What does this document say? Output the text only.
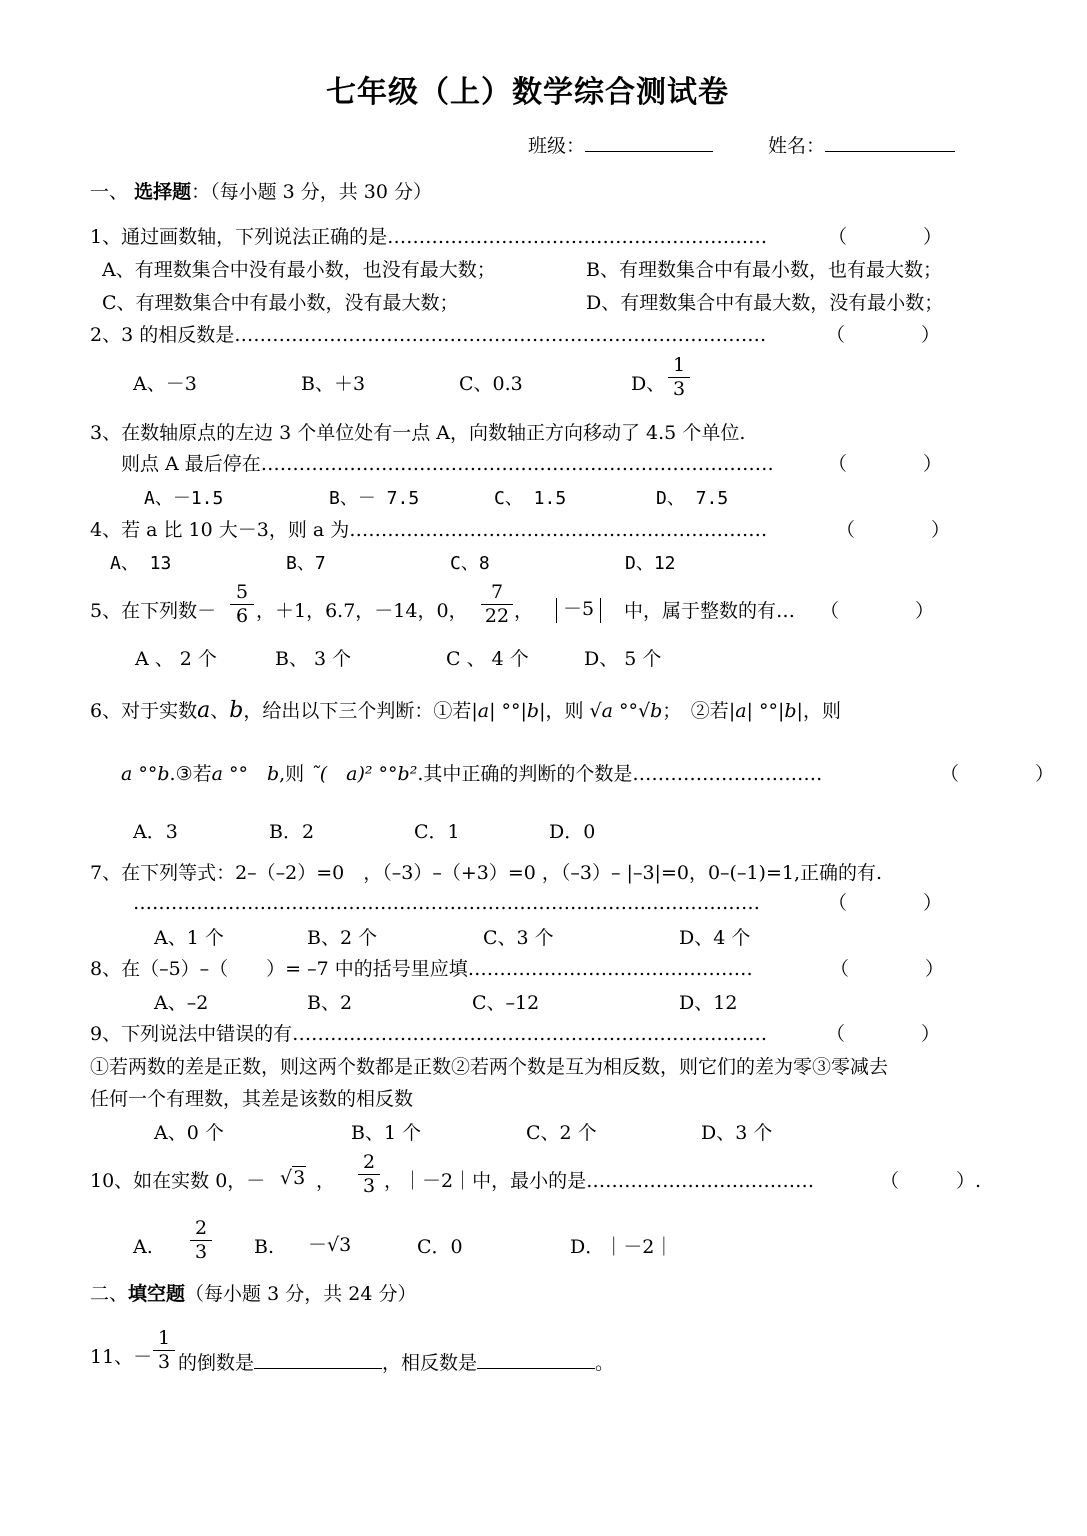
七年级（上）数学综合测试卷
班级：	姓名：
一、 选择题：（每小题 3 分，共 30 分）
1、通过画数轴，下列说法正确的是……………………………………………………	（　　　　）
A、有理数集合中没有最小数，也没有最大数；	B、有理数集合中有最小数，也有最大数；
C、有理数集合中有最小数，没有最大数；	D、有理数集合中有最大数，没有最小数；
2、3 的相反数是…………………………………………………………………………	（　　　　）
A、－3	B、＋3	C、0.3	D、
1
3
3、在数轴原点的左边 3 个单位处有一点 A，向数轴正方向移动了 4.5 个单位.
则点 A 最后停在………………………………………………………………………	（　　　　）
A、－1.5	B、－ 7.5	C、 1.5	D、 7.5
4、若 a 比 10 大－3，则 a 为…………………………………………………………	（　　　　）
A、 13	B、7	C、8	D、12
5、在下列数－
5
6 ，＋1，6.7，－14，0，
7
22 ，	－5	中，属于整数的有… （　　　　）
A 、 2 个	B、 3 个	C 、 4 个	D、 5 个
6、对于实数a、b，给出以下三个判断：①若|a| °°|b|，则 √a °°√b；　②若|a| °°|b|，则
a °°b.③若a °°　b,则 ˜(　a)² °°b².其中正确的判断的个数是…………………………	（　　　　）
A．3	B．2	C．1	D．0
7、在下列等式：2–（–2）=0　，（–3）–（+3）=0 ，（–3）– |–3|=0，0–(–1)=1,正确的有.
………………………………………………………………………………………	（　　　　）
A、1 个	B、2 个	C、3 个	D、4 个
8、在（–5）–（　　）= –7 中的括号里应填………………………………………	（　　　　）
A、–2	B、2	C、–12	D、12
9、下列说法中错误的有…………………………………………………………………	（　　　　）
①若两数的差是正数，则这两个数都是正数②若两个数是互为相反数，则它们的差为零③零减去
任何一个有理数，其差是该数的相反数
A、0 个	B、1 个	C、2 个	D、3 个
10、如在实数 0，－ √3 ，
2
3 ，｜－2｜中，最小的是………………………………	（　　　）.
A.
2
3 B. －√3	C．0	D．｜－2｜
二、填空题（每小题 3 分，共 24 分）
11、－
1
3 的倒数是	，相反数是	。
